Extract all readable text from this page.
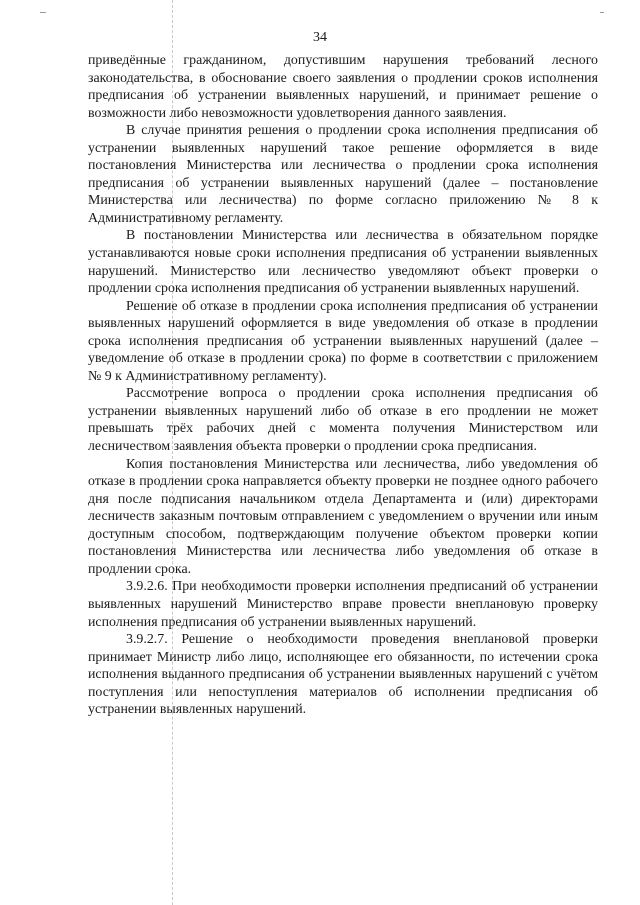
34

приведённые гражданином, допустившим нарушения требований лесного законодательства, в обоснование своего заявления о продлении сроков исполнения предписания об устранении выявленных нарушений, и принимает решение о возможности либо невозможности удовлетворения данного заявления.

В случае принятия решения о продлении срока исполнения предписания об устранении выявленных нарушений такое решение оформляется в виде постановления Министерства или лесничества о продлении срока исполнения предписания об устранении выявленных нарушений (далее – постановление Министерства или лесничества) по форме согласно приложению № 8 к Административному регламенту.

В постановлении Министерства или лесничества в обязательном порядке устанавливаются новые сроки исполнения предписания об устранении выявленных нарушений. Министерство или лесничество уведомляют объект проверки о продлении срока исполнения предписания об устранении выявленных нарушений.

Решение об отказе в продлении срока исполнения предписания об устранении выявленных нарушений оформляется в виде уведомления об отказе в продлении срока исполнения предписания об устранении выявленных нарушений (далее – уведомление об отказе в продлении срока) по форме в соответствии с приложением № 9 к Административному регламенту).

Рассмотрение вопроса о продлении срока исполнения предписания об устранении выявленных нарушений либо об отказе в его продлении не может превышать трёх рабочих дней с момента получения Министерством или лесничеством заявления объекта проверки о продлении срока предписания.

Копия постановления Министерства или лесничества, либо уведомления об отказе в продлении срока направляется объекту проверки не позднее одного рабочего дня после подписания начальником отдела Департамента и (или) директорами лесничеств заказным почтовым отправлением с уведомлением о вручении или иным доступным способом, подтверждающим получение объектом проверки копии постановления Министерства или лесничества либо уведомления об отказе в продлении срока.

3.9.2.6. При необходимости проверки исполнения предписаний об устранении выявленных нарушений Министерство вправе провести внеплановую проверку исполнения предписания об устранении выявленных нарушений.

3.9.2.7. Решение о необходимости проведения внеплановой проверки принимает Министр либо лицо, исполняющее его обязанности, по истечении срока исполнения выданного предписания об устранении выявленных нарушений с учётом поступления или непоступления материалов об исполнении предписания об устранении выявленных нарушений.
